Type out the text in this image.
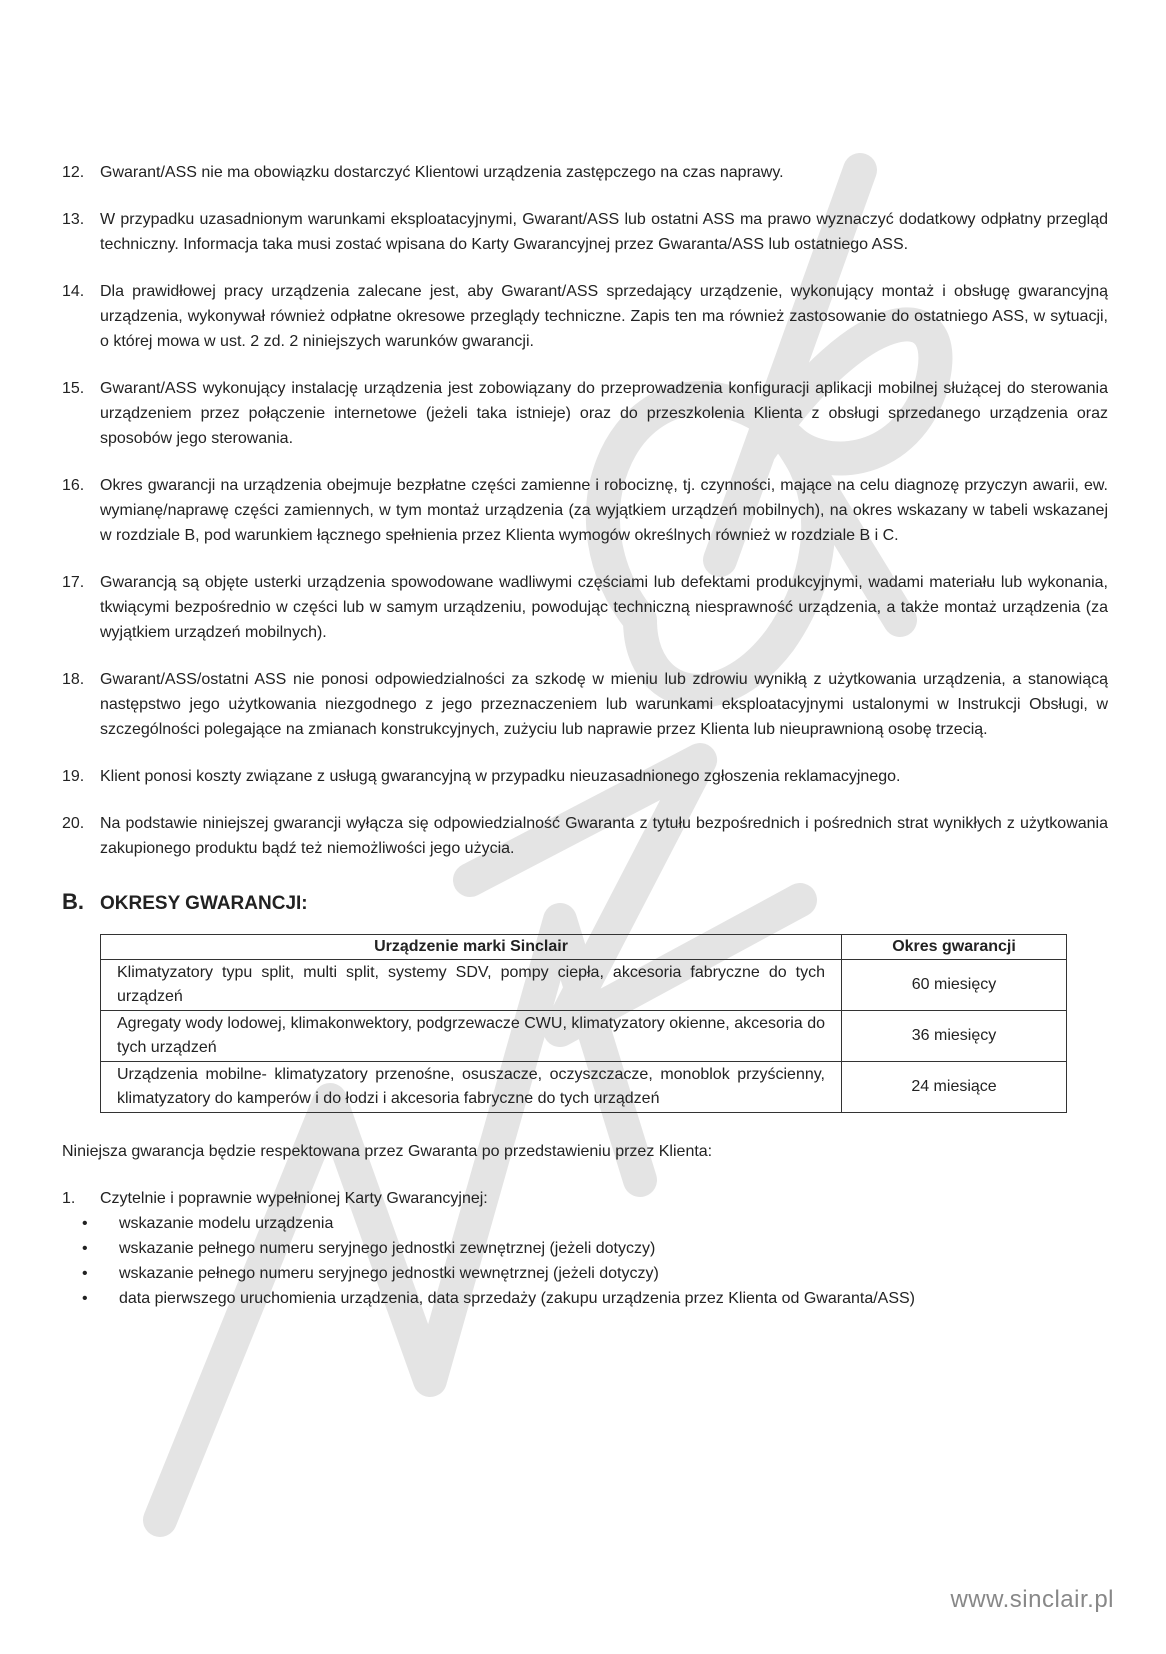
12. Gwarant/ASS nie ma obowiązku dostarczyć Klientowi urządzenia zastępczego na czas naprawy.
13. W przypadku uzasadnionym warunkami eksploatacyjnymi, Gwarant/ASS lub ostatni ASS ma prawo wyznaczyć dodatkowy odpłatny przegląd techniczny. Informacja taka musi zostać wpisana do Karty Gwarancyjnej przez Gwaranta/ASS lub ostatniego ASS.
14. Dla prawidłowej pracy urządzenia zalecane jest, aby Gwarant/ASS sprzedający urządzenie, wykonujący montaż i obsługę gwarancyjną urządzenia, wykonywał również odpłatne okresowe przeglądy techniczne. Zapis ten ma również zastosowanie do ostatniego ASS, w sytuacji, o której mowa w ust. 2 zd. 2 niniejszych warunków gwarancji.
15. Gwarant/ASS wykonujący instalację urządzenia jest zobowiązany do przeprowadzenia konfiguracji aplikacji mobilnej służącej do sterowania urządzeniem przez połączenie internetowe (jeżeli taka istnieje) oraz do przeszkolenia Klienta z obsługi sprzedanego urządzenia oraz sposobów jego sterowania.
16. Okres gwarancji na urządzenia obejmuje bezpłatne części zamienne i robociznę, tj. czynności, mające na celu diagnozę przyczyn awarii, ew. wymianę/naprawę części zamiennych, w tym montaż urządzenia (za wyjątkiem urządzeń mobilnych), na okres wskazany w tabeli wskazanej w rozdziale B, pod warunkiem łącznego spełnienia przez Klienta wymogów określnych również w rozdziale B i C.
17. Gwarancją są objęte usterki urządzenia spowodowane wadliwymi częściami lub defektami produkcyjnymi, wadami materiału lub wykonania, tkwiącymi bezpośrednio w części lub w samym urządzeniu, powodując techniczną niesprawność urządzenia, a także montaż urządzenia (za wyjątkiem urządzeń mobilnych).
18. Gwarant/ASS/ostatni ASS nie ponosi odpowiedzialności za szkodę w mieniu lub zdrowiu wynikłą z użytkowania urządzenia, a stanowiącą następstwo jego użytkowania niezgodnego z jego przeznaczeniem lub warunkami eksploatacyjnymi ustalonymi w Instrukcji Obsługi, w szczególności polegające na zmianach konstrukcyjnych, zużyciu lub naprawie przez Klienta lub nieuprawnioną osobę trzecią.
19. Klient ponosi koszty związane z usługą gwarancyjną w przypadku nieuzasadnionego zgłoszenia reklamacyjnego.
20. Na podstawie niniejszej gwarancji wyłącza się odpowiedzialność Gwaranta z tytułu bezpośrednich i pośrednich strat wynikłych z użytkowania zakupionego produktu bądź też niemożliwości jego użycia.
B. OKRESY GWARANCJI:
Urządzenie marki Sinclair	Okres gwarancji
Klimatyzatory typu split, multi split, systemy SDV, pompy ciepła, akcesoria fabryczne do tych urządzeń	60 miesięcy
Agregaty wody lodowej, klimakonwektory, podgrzewacze CWU, klimatyzatory okienne, akcesoria do tych urządzeń	36 miesięcy
Urządzenia mobilne- klimatyzatory przenośne, osuszacze, oczyszczacze, monoblok przyścienny, klimatyzatory do kamperów i do łodzi i akcesoria fabryczne do tych urządzeń	24 miesiące
Niniejsza gwarancja będzie respektowana przez Gwaranta po przedstawieniu przez Klienta:
1. Czytelnie i poprawnie wypełnionej Karty Gwarancyjnej:
• wskazanie modelu urządzenia
• wskazanie pełnego numeru seryjnego jednostki zewnętrznej (jeżeli dotyczy)
• wskazanie pełnego numeru seryjnego jednostki wewnętrznej (jeżeli dotyczy)
• data pierwszego uruchomienia urządzenia, data sprzedaży (zakupu urządzenia przez Klienta od Gwaranta/ASS)
www.sinclair.pl
